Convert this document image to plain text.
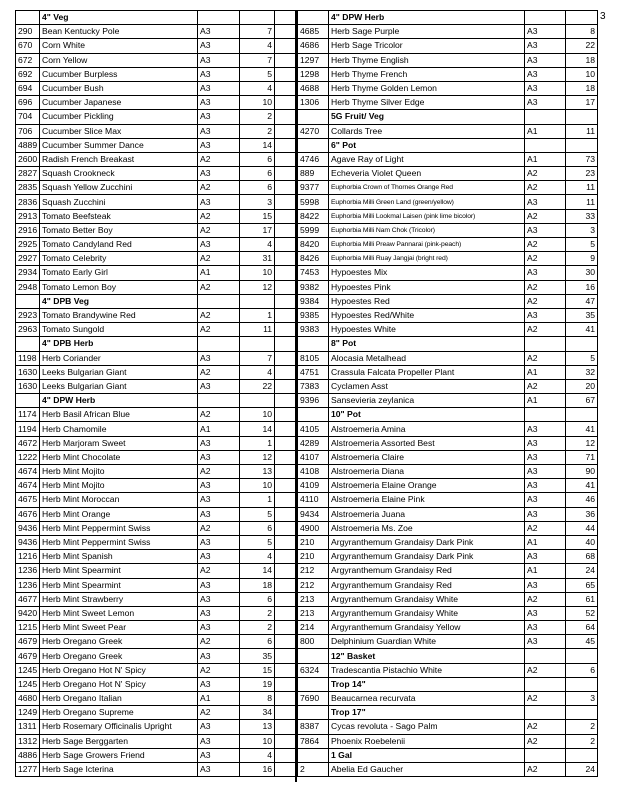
3
	4" Veg			
290	Bean Kentucky Pole	A3	7	
670	Corn White	A3	4	
672	Corn Yellow	A3	7	
692	Cucumber Burpless	A3	5	
694	Cucumber Bush	A3	4	
696	Cucumber Japanese	A3	10	
704	Cucumber Pickling	A3	2	
706	Cucumber Slice Max	A3	2	
4889	Cucumber Summer Dance	A3	14	
2600	Radish French Breakast	A2	6	
2827	Squash Crookneck	A3	6	
2835	Squash Yellow Zucchini	A2	6	
2836	Squash Zucchini	A3	3	
2913	Tomato Beefsteak	A2	15	
2916	Tomato Better Boy	A2	17	
2925	Tomato Candyland Red	A3	4	
2927	Tomato Celebrity	A2	31	
2934	Tomato Early Girl	A1	10	
2948	Tomato Lemon Boy	A2	12	
	4" DPB Veg			
2923	Tomato Brandywine Red	A2	1	
2963	Tomato Sungold	A2	11	
	4" DPB Herb			
1198	Herb Coriander	A3	7	
1630	Leeks Bulgarian Giant	A2	4	
1630	Leeks Bulgarian Giant	A3	22	
	4" DPW Herb			
1174	Herb Basil African Blue	A2	10	
1194	Herb Chamomile	A1	14	
4672	Herb Marjoram Sweet	A3	1	
1222	Herb Mint Chocolate	A3	12	
4674	Herb Mint Mojito	A2	13	
4674	Herb Mint Mojito	A3	10	
4675	Herb Mint Moroccan	A3	1	
4676	Herb Mint Orange	A3	5	
9436	Herb Mint Peppermint Swiss	A2	6	
9436	Herb Mint Peppermint Swiss	A3	5	
1216	Herb Mint Spanish	A3	4	
1236	Herb Mint Spearmint	A2	14	
1236	Herb Mint Spearmint	A3	18	
4677	Herb Mint Strawberry	A3	6	
9420	Herb Mint Sweet Lemon	A3	2	
1215	Herb Mint Sweet Pear	A3	2	
4679	Herb Oregano Greek	A2	6	
4679	Herb Oregano Greek	A3	35	
1245	Herb Oregano Hot N' Spicy	A2	15	
1245	Herb Oregano Hot N' Spicy	A3	19	
4680	Herb Oregano Italian	A1	8	
1249	Herb Oregano Supreme	A2	34	
1311	Herb Rosemary Officinalis Upright	A3	13	
1312	Herb Sage Berggarten	A3	10	
4886	Herb Sage Growers Friend	A3	4	
1277	Herb Sage Icterina	A3	16	
	4" DPW Herb		
4685	Herb Sage Purple	A3	8
4686	Herb Sage Tricolor	A3	22
1297	Herb Thyme English	A3	18
1298	Herb Thyme French	A3	10
4688	Herb Thyme Golden Lemon	A3	18
1306	Herb Thyme Silver Edge	A3	17
	5G Fruit/ Veg		
4270	Collards Tree	A1	11
	6" Pot		
4746	Agave Ray of Light	A1	73
889	Echeveria Violet Queen	A2	23
9377	Euphorbia Crown of Thornes Orange Red	A2	11
5998	Euphorbia Milli Green Land (green/yellow)	A3	11
8422	Euphorbia Milli Lookmal Laisen (pink lime bicolor)	A2	33
5999	Euphorbia Milli Nam Chok (Tricolor)	A3	3
8420	Euphorbia Milli Preaw Pannarai (pink-peach)	A2	5
8426	Euphorbia Milli Ruay Jangjai (bright red)	A2	9
7453	Hypoestes Mix	A3	30
9382	Hypoestes Pink	A2	16
9384	Hypoestes Red	A2	47
9385	Hypoestes Red/White	A3	35
9383	Hypoestes White	A2	41
	8" Pot		
8105	Alocasia Metalhead	A2	5
4751	Crassula Falcata Propeller Plant	A1	32
7383	Cyclamen Asst	A2	20
9396	Sansevieria zeylanica	A1	67
	10" Pot		
4105	Alstroemeria Amina	A3	41
4289	Alstroemeria Assorted Best	A3	12
4107	Alstroemeria Claire	A3	71
4108	Alstroemeria Diana	A3	90
4109	Alstroemeria Elaine Orange	A3	41
4110	Alstroemeria Elaine Pink	A3	46
9434	Alstroemeria Juana	A3	36
4900	Alstroemeria Ms. Zoe	A2	44
210	Argyranthemum Grandaisy Dark Pink	A1	40
210	Argyranthemum Grandaisy Dark Pink	A3	68
212	Argyranthemum Grandaisy Red	A1	24
212	Argyranthemum Grandaisy Red	A3	65
213	Argyranthemum Grandaisy White	A2	61
213	Argyranthemum Grandaisy White	A3	52
214	Argyranthemum Grandaisy Yellow	A3	64
800	Delphinium Guardian White	A3	45
	12" Basket		
6324	Tradescantia Pistachio White	A2	6
	Trop 14"		
7690	Beaucarnea recurvata	A2	3
	Trop 17"		
8387	Cycas revoluta - Sago Palm	A2	2
7864	Phoenix Roebelenii	A2	2
	1 Gal		
2	Abelia Ed Gaucher	A2	24
